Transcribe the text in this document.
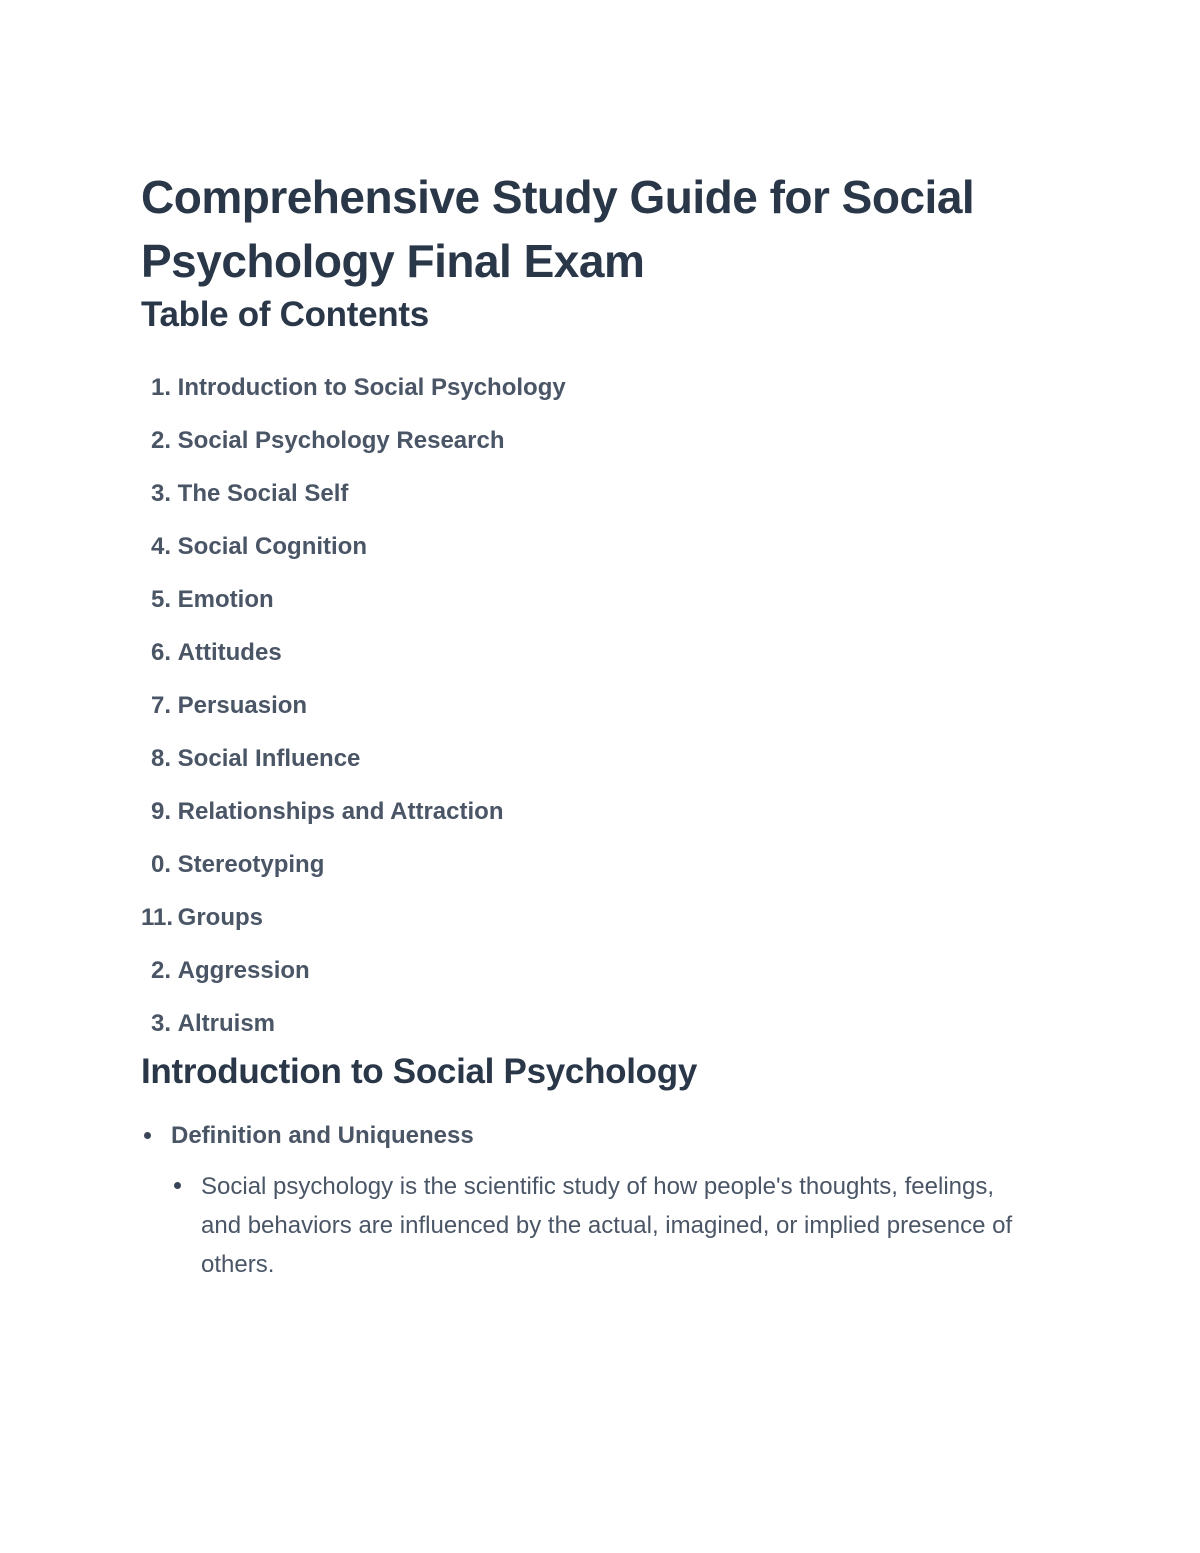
Comprehensive Study Guide for Social Psychology Final Exam
Table of Contents
1. Introduction to Social Psychology
2. Social Psychology Research
3. The Social Self
4. Social Cognition
5. Emotion
6. Attitudes
7. Persuasion
8. Social Influence
9. Relationships and Attraction
0. Stereotyping
11. Groups
2. Aggression
3. Altruism
Introduction to Social Psychology
Definition and Uniqueness
Social psychology is the scientific study of how people's thoughts, feelings, and behaviors are influenced by the actual, imagined, or implied presence of others.
